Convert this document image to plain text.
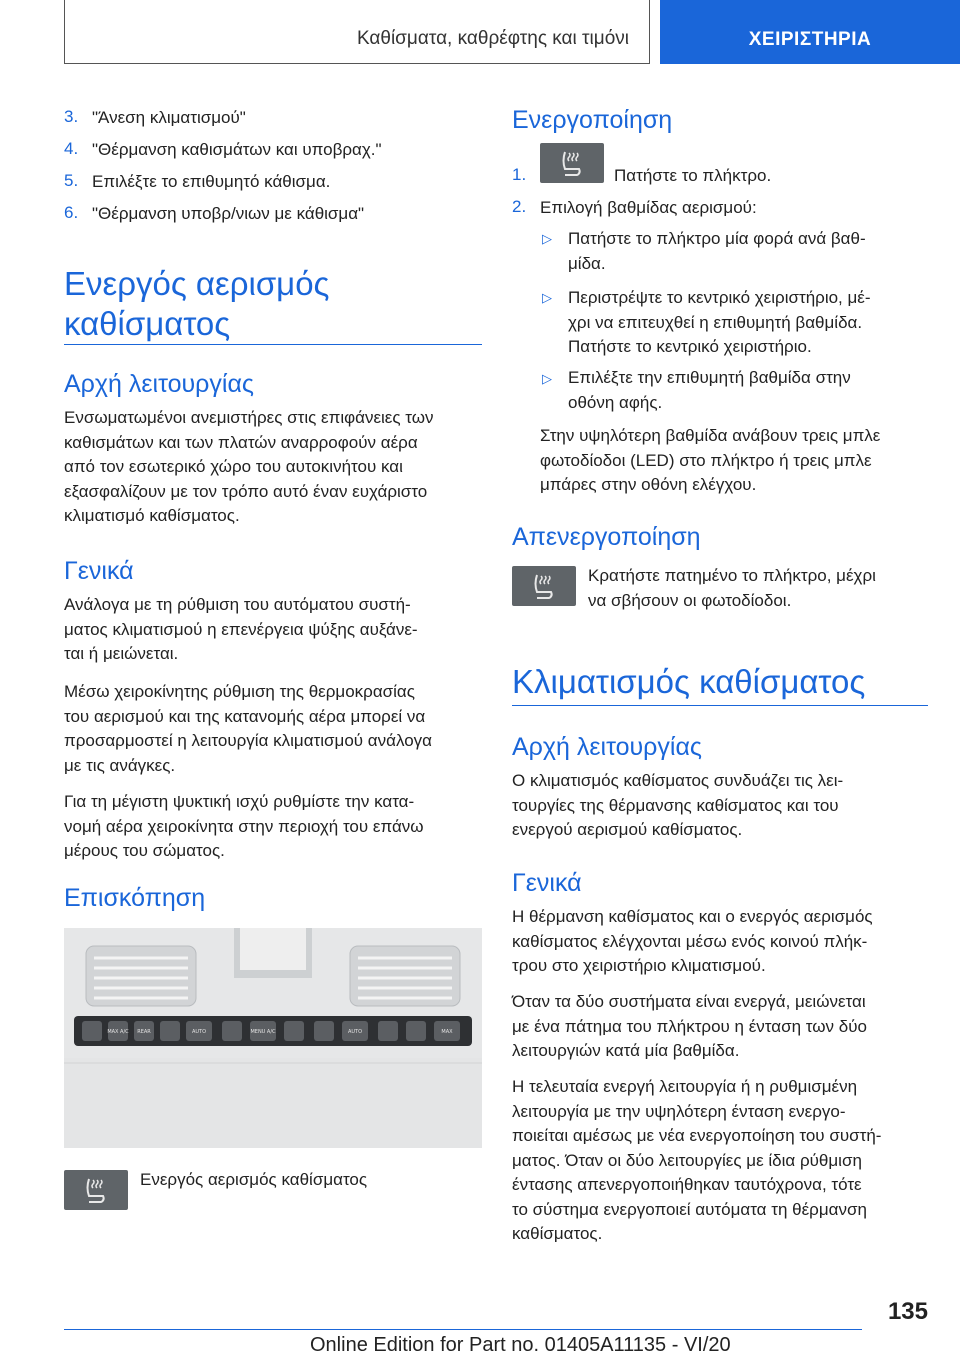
Καθίσματα, καθρέφτης και τιμόνι	ΧΕΙΡΙΣΤΗΡΙΑ
3. "Άνεση κλιματισμού"
4. "Θέρμανση καθισμάτων και υποβραχ."
5. Επιλέξτε το επιθυμητό κάθισμα.
6. "Θέρμανση υποβρ/νιων με κάθισμα"
Ενεργός αερισμός
καθίσματος
Αρχή λειτουργίας
Ενσωματωμένοι ανεμιστήρες στις επιφάνειες των
καθισμάτων και των πλατών αναρροφούν αέρα
από τον εσωτερικό χώρο του αυτοκινήτου και
εξασφαλίζουν με τον τρόπο αυτό έναν ευχάριστο
κλιματισμό καθίσματος.
Γενικά
Ανάλογα με τη ρύθμιση του αυτόματου συστή-
ματος κλιματισμού η επενέργεια ψύξης αυξάνε-
ται ή μειώνεται.
Μέσω χειροκίνητης ρύθμιση της θερμοκρασίας
του αερισμού και της κατανομής αέρα μπορεί να
προσαρμοστεί η λειτουργία κλιματισμού ανάλογα
με τις ανάγκες.
Για τη μέγιστη ψυκτική ισχύ ρυθμίστε την κατα-
νομή αέρα χειροκίνητα στην περιοχή του επάνω
μέρους του σώματος.
Επισκόπηση
MAX A/C REAR	AUTO	MENU A/C	AUTO	MAX
Ενεργός αερισμός καθίσματος
Ενεργοποίηση
1.	Πατήστε το πλήκτρο.
2. Επιλογή βαθμίδας αερισμού:
▷ Πατήστε το πλήκτρο μία φορά ανά βαθ-
μίδα.
▷ Περιστρέψτε το κεντρικό χειριστήριο, μέ-
χρι να επιτευχθεί η επιθυμητή βαθμίδα.
Πατήστε το κεντρικό χειριστήριο.
▷ Επιλέξτε την επιθυμητή βαθμίδα στην
οθόνη αφής.
Στην υψηλότερη βαθμίδα ανάβουν τρεις μπλε
φωτοδίοδοι (LED) στο πλήκτρο ή τρεις μπλε
μπάρες στην οθόνη ελέγχου.
Απενεργοποίηση
Κρατήστε πατημένο το πλήκτρο, μέχρι
να σβήσουν οι φωτοδίοδοι.
Κλιματισμός καθίσματος
Αρχή λειτουργίας
Ο κλιματισμός καθίσματος συνδυάζει τις λει-
τουργίες της θέρμανσης καθίσματος και του
ενεργού αερισμού καθίσματος.
Γενικά
Η θέρμανση καθίσματος και ο ενεργός αερισμός
καθίσματος ελέγχονται μέσω ενός κοινού πλήκ-
τρου στο χειριστήριο κλιματισμού.
Όταν τα δύο συστήματα είναι ενεργά, μειώνεται
με ένα πάτημα του πλήκτρου η ένταση των δύο
λειτουργιών κατά μία βαθμίδα.
Η τελευταία ενεργή λειτουργία ή η ρυθμισμένη
λειτουργία με την υψηλότερη ένταση ενεργο-
ποιείται αμέσως με νέα ενεργοποίηση του συστή-
ματος. Όταν οι δύο λειτουργίες με ίδια ρύθμιση
έντασης απενεργοποιήθηκαν ταυτόχρονα, τότε
το σύστημα ενεργοποιεί αυτόματα τη θέρμανση
καθίσματος.
135
Online Edition for Part no. 01405A11135 - VI/20
